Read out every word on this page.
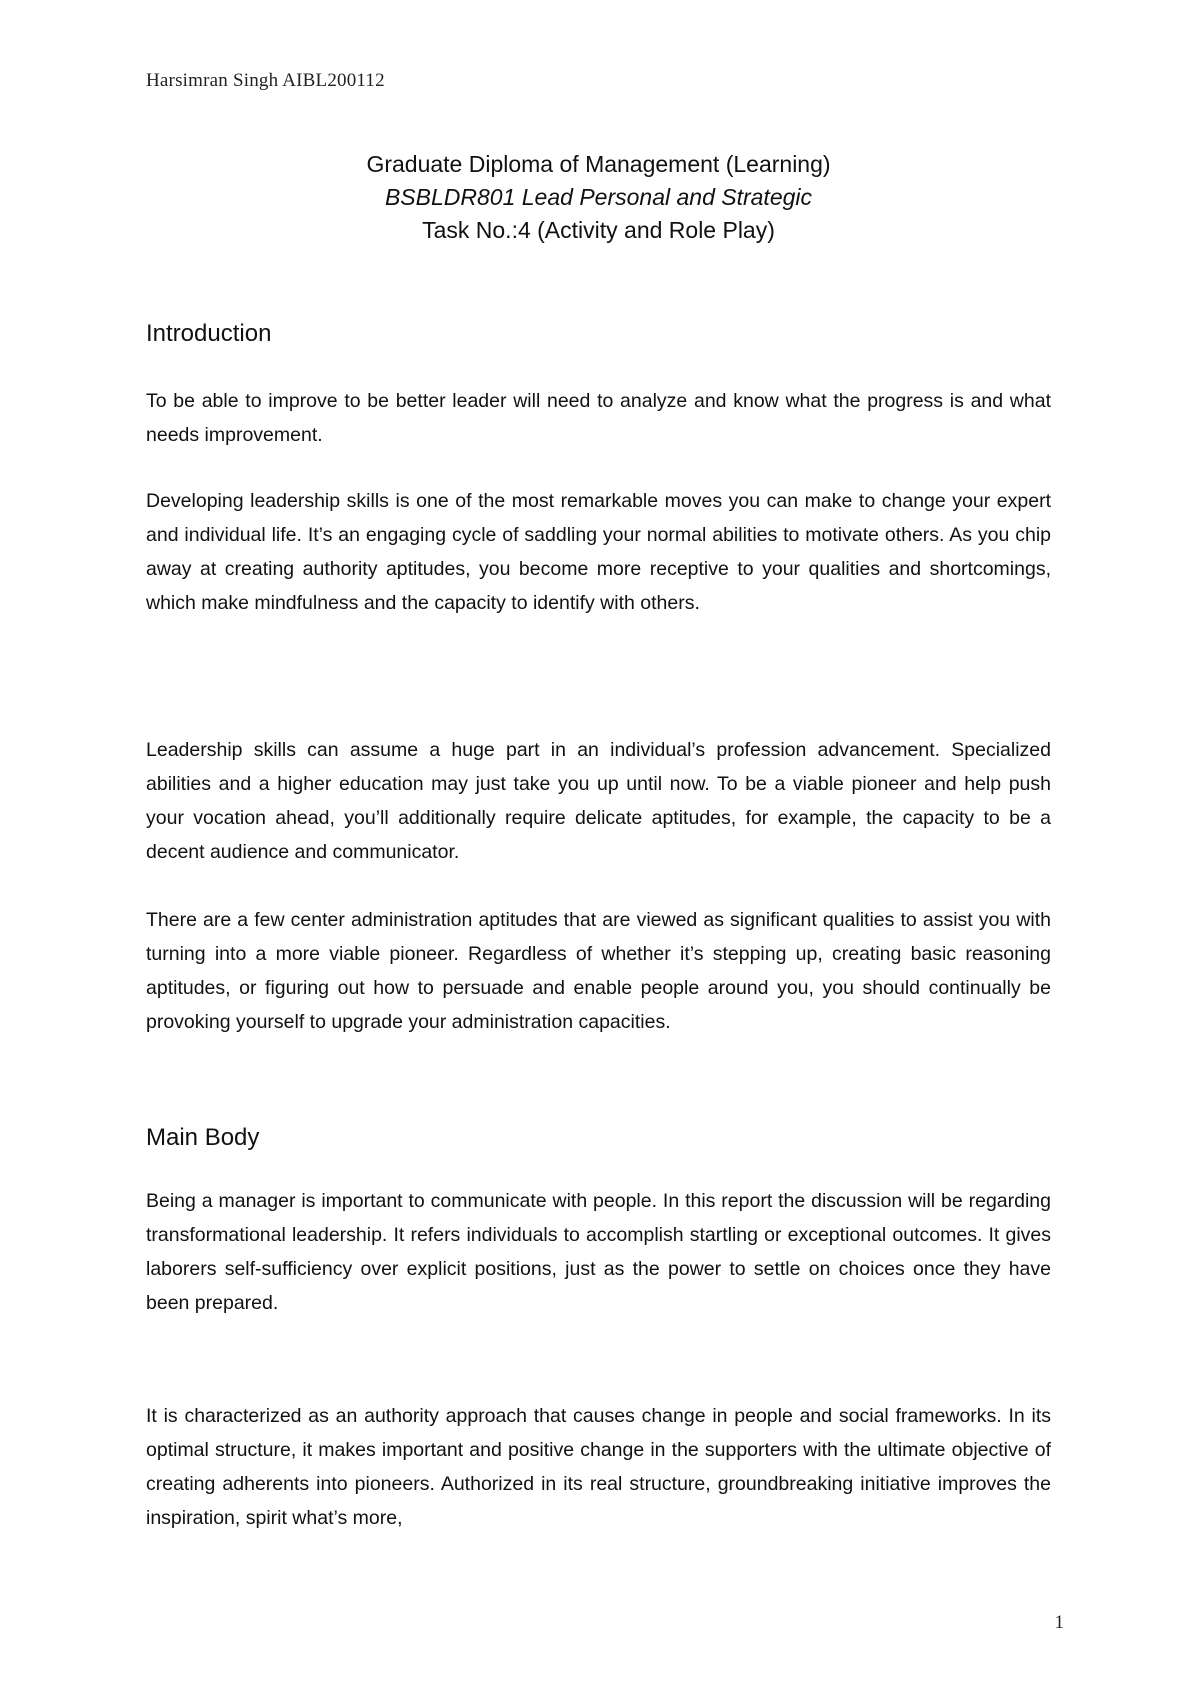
Harsimran Singh AIBL200112
Graduate Diploma of Management (Learning)
BSBLDR801 Lead Personal and Strategic
Task No.:4 (Activity and Role Play)
Introduction

To be able to improve to be better leader will need to analyze and know what the progress is and what needs improvement.

Developing leadership skills is one of the most remarkable moves you can make to change your expert and individual life. It’s an engaging cycle of saddling your normal abilities to motivate others. As you chip away at creating authority aptitudes, you become more receptive to your qualities and shortcomings, which make mindfulness and the capacity to identify with others.

Leadership skills can assume a huge part in an individual’s profession advancement. Specialized abilities and a higher education may just take you up until now. To be a viable pioneer and help push your vocation ahead, you’ll additionally require delicate aptitudes, for example, the capacity to be a decent audience and communicator.

There are a few center administration aptitudes that are viewed as significant qualities to assist you with turning into a more viable pioneer. Regardless of whether it’s stepping up, creating basic reasoning aptitudes, or figuring out how to persuade and enable people around you, you should continually be provoking yourself to upgrade your administration capacities.

Main Body

Being a manager is important to communicate with people. In this report the discussion will be regarding transformational leadership. It refers individuals to accomplish startling or exceptional outcomes. It gives laborers self-sufficiency over explicit positions, just as the power to settle on choices once they have been prepared.

It is characterized as an authority approach that causes change in people and social frameworks. In its optimal structure, it makes important and positive change in the supporters with the ultimate objective of creating adherents into pioneers. Authorized in its real structure, groundbreaking initiative improves the inspiration, spirit what’s more,

1
